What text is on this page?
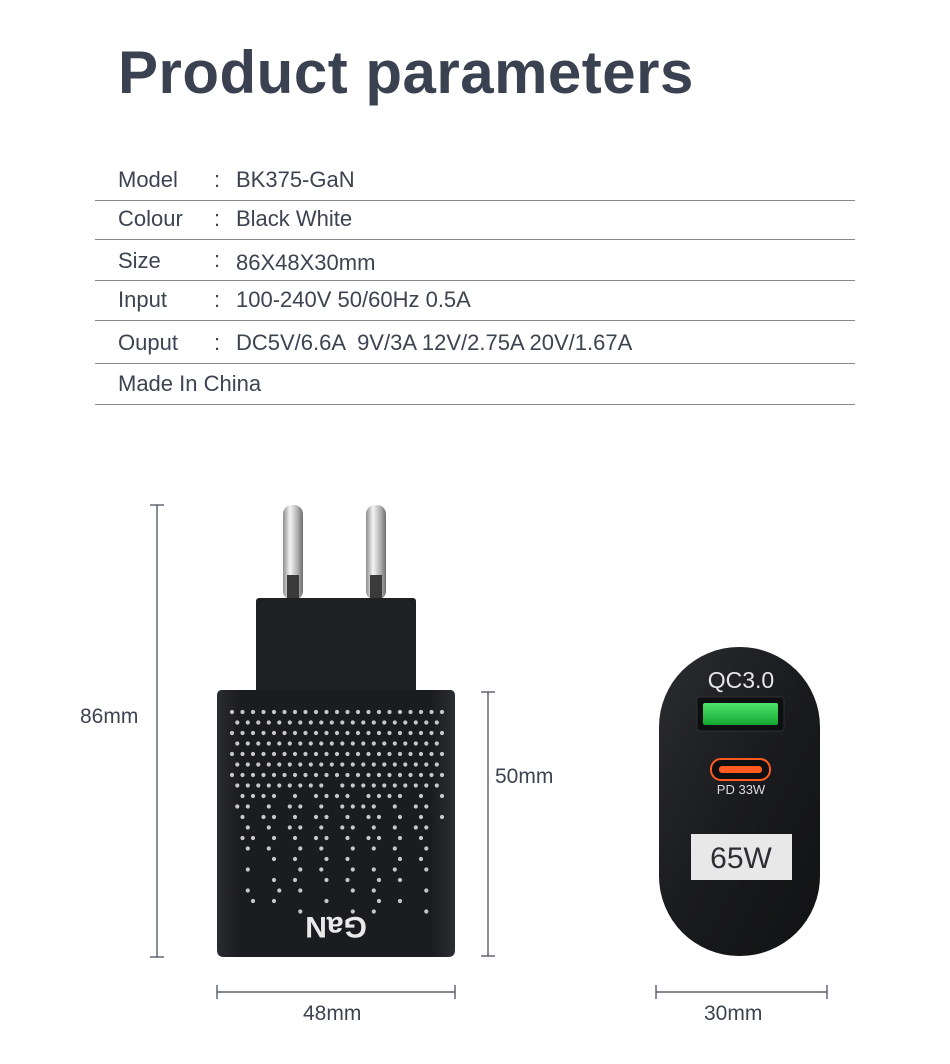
Product parameters
Model : BK375-GaN
Colour : Black White
Size : 86X48X30mm
Input : 100-240V 50/60Hz 0.5A
Ouput : DC5V/6.6A  9V/3A 12V/2.75A 20V/1.67A
Made In China
GaN
QC3.0
PD 33W
65W
86mm
50mm
48mm	30mm
